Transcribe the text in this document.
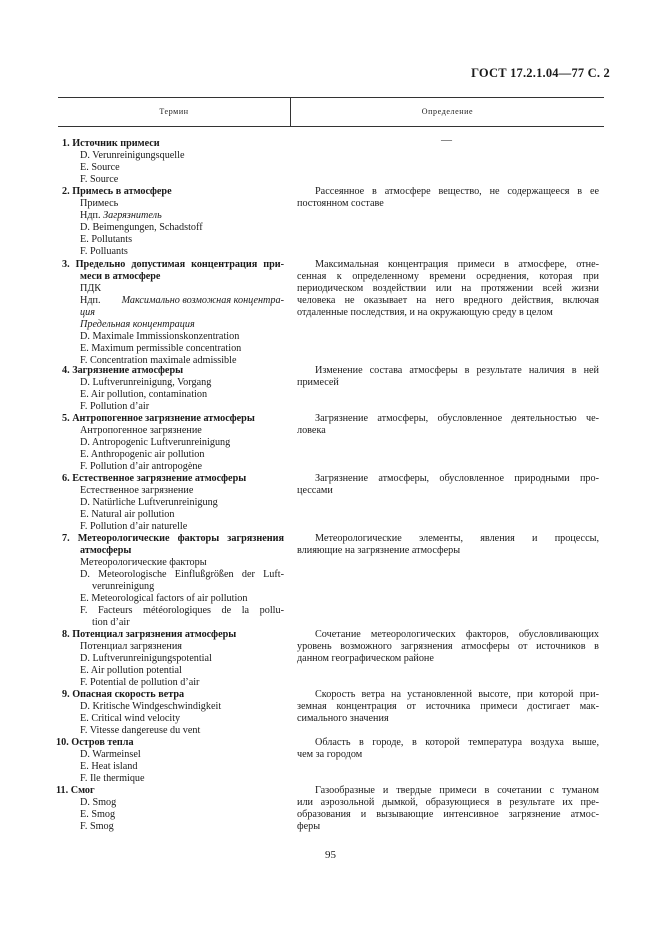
ГОСТ 17.2.1.04—77 С. 2
Термин	Определение
—
1. Источник примеси
D. Verunreinigungsquelle
E. Source
F. Source
2. Примесь в атмосфере
Примесь
Ндп. Загрязнитель
D. Beimengungen, Schadstoff
E. Pollutants
F. Polluants
3. Предельно допустимая концентрация при-
меси в атмосфере
ПДК
Ндп. Максимально возможная концентра-
ция
Предельная концентрация
D. Maximale Immissionskonzentration
E. Maximum permissible concentration
F. Concentration maximale admissible
4. Загрязнение атмосферы
D. Luftverunreinigung, Vorgang
E. Air pollution, contamination
F. Pollution d’air
5. Антропогенное загрязнение атмосферы
Антропогенное загрязнение
D. Antropogenic Luftverunreinigung
E. Anthropogenic air pollution
F. Pollution d’air antropogène
6. Естественное загрязнение атмосферы
Естественное загрязнение
D. Natürliche Luftverunreinigung
E. Natural air pollution
F. Pollution d’air naturelle
7. Метеорологические факторы загрязнения
атмосферы
Метеорологические факторы
D. Meteorologische Einflußgrößen der Luft-
verunreinigung
E. Meteorological factors of air pollution
F. Facteurs météorologiques de la pollu-
tion d’air
8. Потенциал загрязнения атмосферы
Потенциал загрязнения
D. Luftverunreinigungspotential
E. Air pollution potential
F. Potential de pollution d’air
9. Опасная скорость ветра
D. Kritische Windgeschwindigkeit
E. Critical wind velocity
F. Vitesse dangereuse du vent
10. Остров тепла
D. Warmeinsel
E. Heat island
F. Ile thermique
11. Смог
D. Smog
E. Smog
F. Smog
Рассеянное в атмосфере вещество, не содержащееся в ее
постоянном составе
Максимальная концентрация примеси в атмосфере, отне-
сенная к определенному времени осреднения, которая при
периодическом воздействии или на протяжении всей жизни
человека не оказывает на него вредного действия, включая
отдаленные последствия, и на окружающую среду в целом
Изменение состава атмосферы в результате наличия в ней
примесей
Загрязнение атмосферы, обусловленное деятельностью че-
ловека
Загрязнение атмосферы, обусловленное природными про-
цессами
Метеорологические элементы, явления и процессы,
влияющие на загрязнение атмосферы
Сочетание метеорологических факторов, обусловливающих
уровень возможного загрязнения атмосферы от источников в
данном географическом районе
Скорость ветра на установленной высоте, при которой при-
земная концентрация от источника примеси достигает мак-
симального значения
Область в городе, в которой температура воздуха выше,
чем за городом
Газообразные и твердые примеси в сочетании с туманом
или аэрозольной дымкой, образующиеся в результате их пре-
образования и вызывающие интенсивное загрязнение атмос-
феры
95
